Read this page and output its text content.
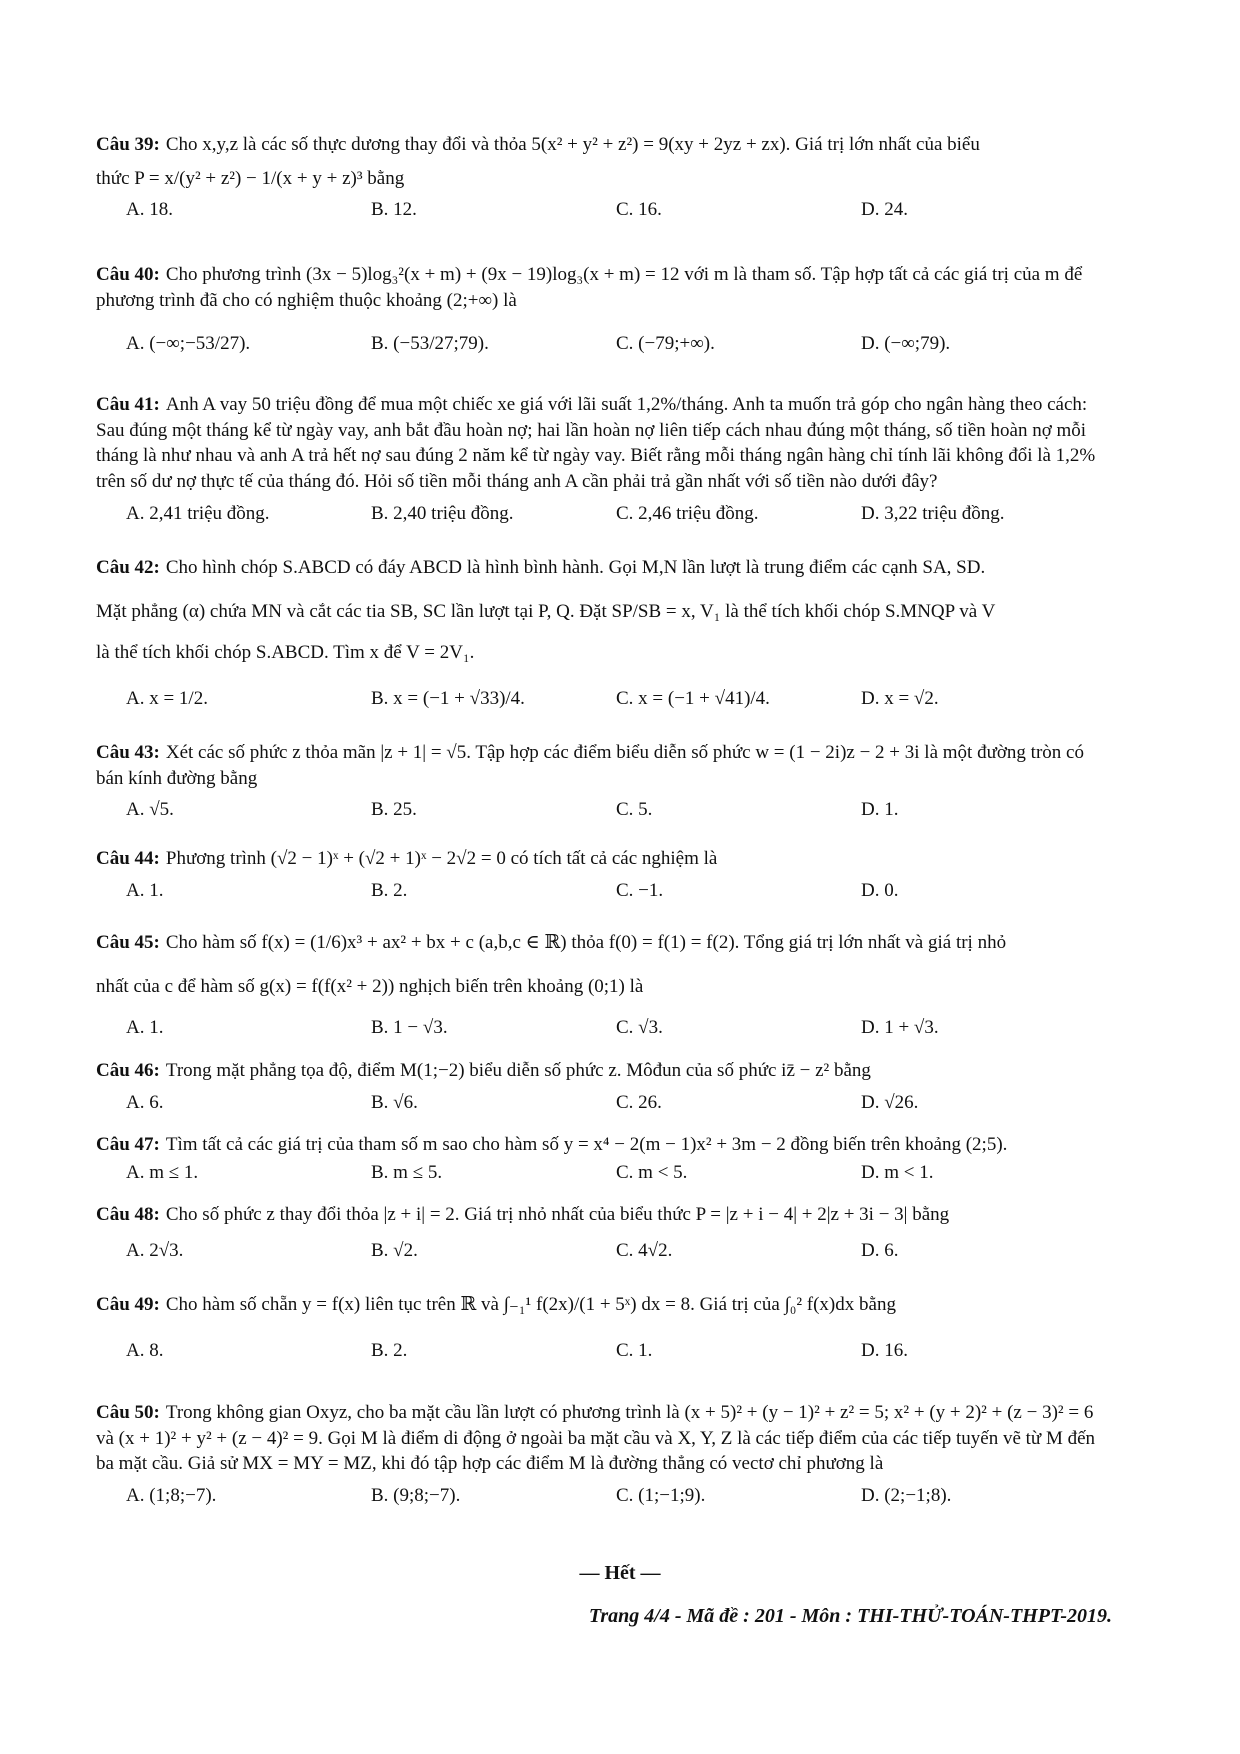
Câu 39: Cho x,y,z là các số thực dương thay đổi và thỏa 5(x² + y² + z²) = 9(xy + 2yz + zx). Giá trị lớn nhất của biểu

thức P = x/(y² + z²) − 1/(x + y + z)³ bằng
A. 18.	B. 12.	C. 16.	D. 24.

Câu 40: Cho phương trình (3x − 5)log₃²(x + m) + (9x − 19)log₃(x + m) = 12 với m là tham số. Tập hợp tất cả các giá trị của m để phương trình đã cho có nghiệm thuộc khoảng (2;+∞) là

A. (−∞;−53/27).	B. (−53/27;79).	C. (−79;+∞).	D. (−∞;79).

Câu 41: Anh A vay 50 triệu đồng để mua một chiếc xe giá với lãi suất 1,2%/tháng. Anh ta muốn trả góp cho ngân hàng theo cách: Sau đúng một tháng kể từ ngày vay, anh bắt đầu hoàn nợ; hai lần hoàn nợ liên tiếp cách nhau đúng một tháng, số tiền hoàn nợ mỗi tháng là như nhau và anh A trả hết nợ sau đúng 2 năm kể từ ngày vay. Biết rằng mỗi tháng ngân hàng chỉ tính lãi không đổi là 1,2% trên số dư nợ thực tế của tháng đó. Hỏi số tiền mỗi tháng anh A cần phải trả gần nhất với số tiền nào dưới đây?

A. 2,41 triệu đồng.	B. 2,40 triệu đồng.	C. 2,46 triệu đồng.	D. 3,22 triệu đồng.

Câu 42: Cho hình chóp S.ABCD có đáy ABCD là hình bình hành. Gọi M,N lần lượt là trung điểm các cạnh SA, SD.

Mặt phẳng (α) chứa MN và cắt các tia SB, SC lần lượt tại P, Q. Đặt SP/SB = x, V₁ là thể tích khối chóp S.MNQP và V
là thể tích khối chóp S.ABCD. Tìm x để V = 2V₁.
A. x = 1/2.	B. x = (−1 + √33)/4.	C. x = (−1 + √41)/4.	D. x = √2.

Câu 43: Xét các số phức z thỏa mãn |z + 1| = √5. Tập hợp các điểm biểu diễn số phức w = (1 − 2i)z − 2 + 3i là một đường tròn có bán kính đường bằng

A. √5.	B. 25.	C. 5.	D. 1.

Câu 44: Phương trình (√2 − 1)ˣ + (√2 + 1)ˣ − 2√2 = 0 có tích tất cả các nghiệm là

A. 1.	B. 2.	C. −1.	D. 0.

Câu 45: Cho hàm số f(x) = (1/6)x³ + ax² + bx + c (a,b,c ∈ ℝ) thỏa f(0) = f(1) = f(2). Tổng giá trị lớn nhất và giá trị nhỏ

nhất của c để hàm số g(x) = f(f(x² + 2)) nghịch biến trên khoảng (0;1) là
A. 1.	B. 1 − √3.	C. √3.	D. 1 + √3.

Câu 46: Trong mặt phẳng tọa độ, điểm M(1;−2) biểu diễn số phức z. Môđun của số phức iz̄ − z² bằng

A. 6.	B. √6.	C. 26.	D. √26.

Câu 47: Tìm tất cả các giá trị của tham số m sao cho hàm số y = x⁴ − 2(m − 1)x² + 3m − 2 đồng biến trên khoảng (2;5).

A. m ≤ 1.	B. m ≤ 5.	C. m < 5.	D. m < 1.

Câu 48: Cho số phức z thay đổi thỏa |z + i| = 2. Giá trị nhỏ nhất của biểu thức P = |z + i − 4| + 2|z + 3i − 3| bằng

A. 2√3.	B. √2.	C. 4√2.	D. 6.

Câu 49: Cho hàm số chẵn y = f(x) liên tục trên ℝ và ∫₋₁¹ f(2x)/(1 + 5ˣ) dx = 8. Giá trị của ∫₀² f(x)dx bằng

A. 8.	B. 2.	C. 1.	D. 16.

Câu 50: Trong không gian Oxyz, cho ba mặt cầu lần lượt có phương trình là (x + 5)² + (y − 1)² + z² = 5; x² + (y + 2)² + (z − 3)² = 6 và (x + 1)² + y² + (z − 4)² = 9. Gọi M là điểm di động ở ngoài ba mặt cầu và X, Y, Z là các tiếp điểm của các tiếp tuyến vẽ từ M đến ba mặt cầu. Giả sử MX = MY = MZ, khi đó tập hợp các điểm M là đường thẳng có vectơ chỉ phương là

A. (1;8;−7).	B. (9;8;−7).	C. (1;−1;9).	D. (2;−1;8).
— Hết —
Trang 4/4 - Mã đề : 201 - Môn : THI-THỬ-TOÁN-THPT-2019.
